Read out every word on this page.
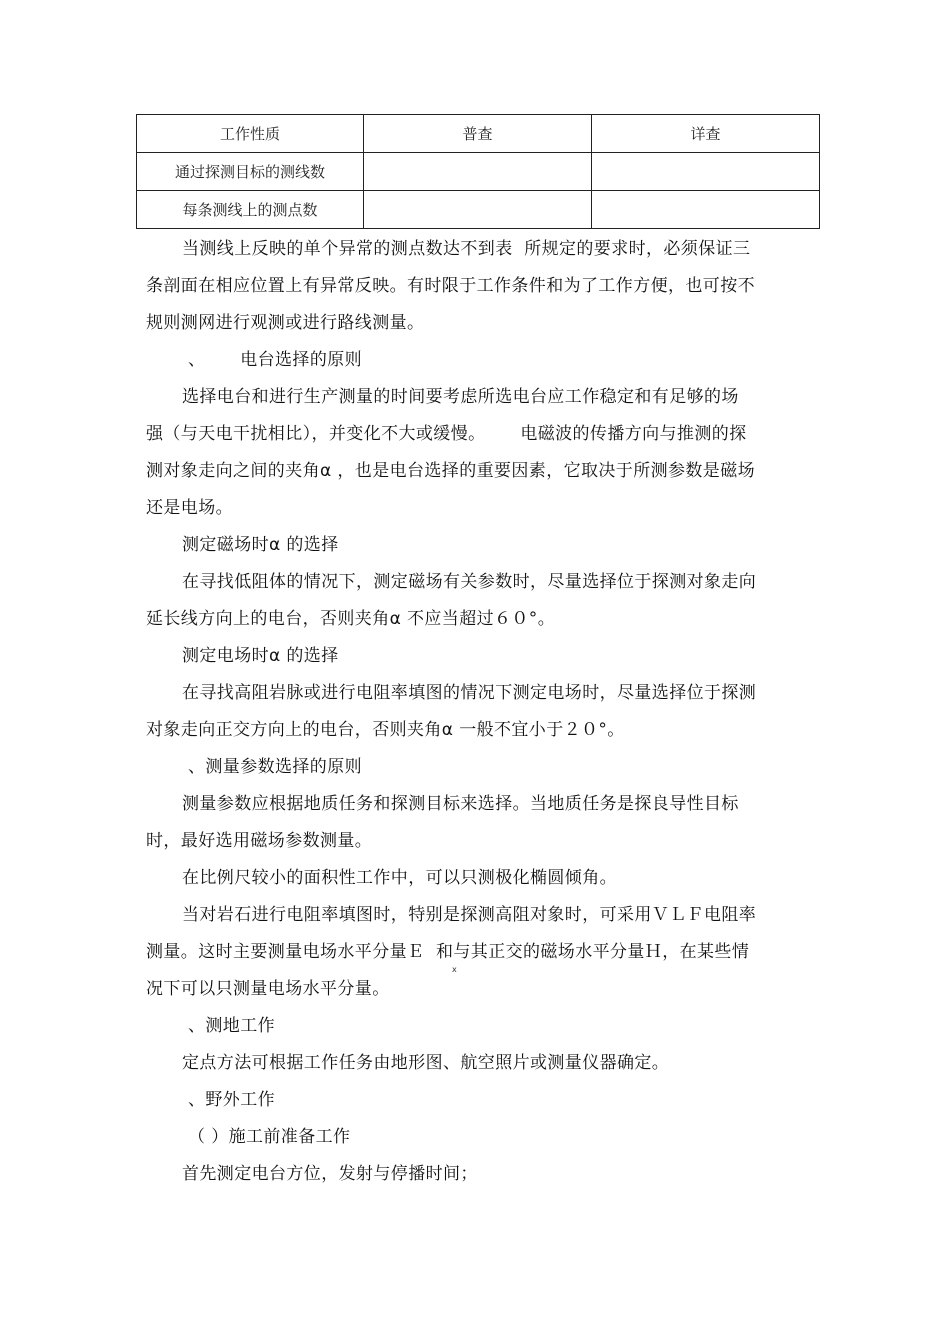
工作性质	普查	详查
通过探测目标的测线数		
每条测线上的测点数		
当测线上反映的单个异常的测点数达不到表  所规定的要求时，必须保证三
条剖面在相应位置上有异常反映。有时限于工作条件和为了工作方便，也可按不
规则测网进行观测或进行路线测量。
、      电台选择的原则
选择电台和进行生产测量的时间要考虑所选电台应工作稳定和有足够的场
强（与天电干扰相比），并变化不大或缓慢。      电磁波的传播方向与推测的探
测对象走向之间的夹角α ，也是电台选择的重要因素，它取决于所测参数是磁场
还是电场。
测定磁场时α 的选择
在寻找低阻体的情况下，测定磁场有关参数时，尽量选择位于探测对象走向
延长线方向上的电台，否则夹角α 不应当超过６０°。
测定电场时α 的选择
在寻找高阻岩脉或进行电阻率填图的情况下测定电场时，尽量选择位于探测
对象走向正交方向上的电台，否则夹角α 一般不宜小于２０°。
、测量参数选择的原则
测量参数应根据地质任务和探测目标来选择。当地质任务是探良导性目标
时，最好选用磁场参数测量。
在比例尺较小的面积性工作中，可以只测极化椭圆倾角。
当对岩石进行电阻率填图时，特别是探测高阻对象时，可采用ＶＬＦ电阻率
测量。这时主要测量电场水平分量Ｅ  和与其正交的磁场水平分量Ｈ，在某些情
x
况下可以只测量电场水平分量。
、测地工作
定点方法可根据工作任务由地形图、航空照片或测量仪器确定。
、野外工作
（ ）施工前准备工作
首先测定电台方位，发射与停播时间；
